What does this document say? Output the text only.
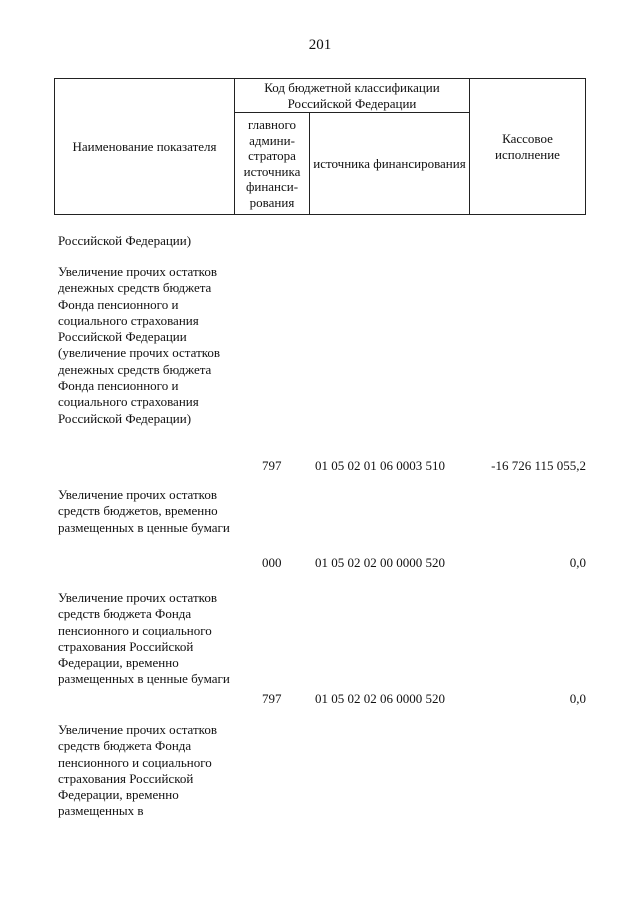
201
Наименование показателя	Код бюджетной классификации Российской Федерации		Кассовое исполнение
	главного админи-стратора источника финанси-рования	источника финансирования	
Российской Федерации)
Увеличение прочих остатков денежных средств бюджета Фонда пенсионного и социального страхования Российской Федерации (увеличение прочих остатков денежных средств бюджета Фонда пенсионного и социального страхования Российской Федерации)
797	01 05 02 01 06 0003 510	-16 726 115 055,2
Увеличение прочих остатков средств бюджетов, временно размещенных в ценные бумаги
000	01 05 02 02 00 0000 520	0,0
Увеличение прочих остатков средств бюджета Фонда пенсионного и социального страхования Российской Федерации, временно размещенных в ценные бумаги
797	01 05 02 02 06 0000 520	0,0
Увеличение прочих остатков средств бюджета Фонда пенсионного и социального страхования Российской Федерации, временно размещенных в
